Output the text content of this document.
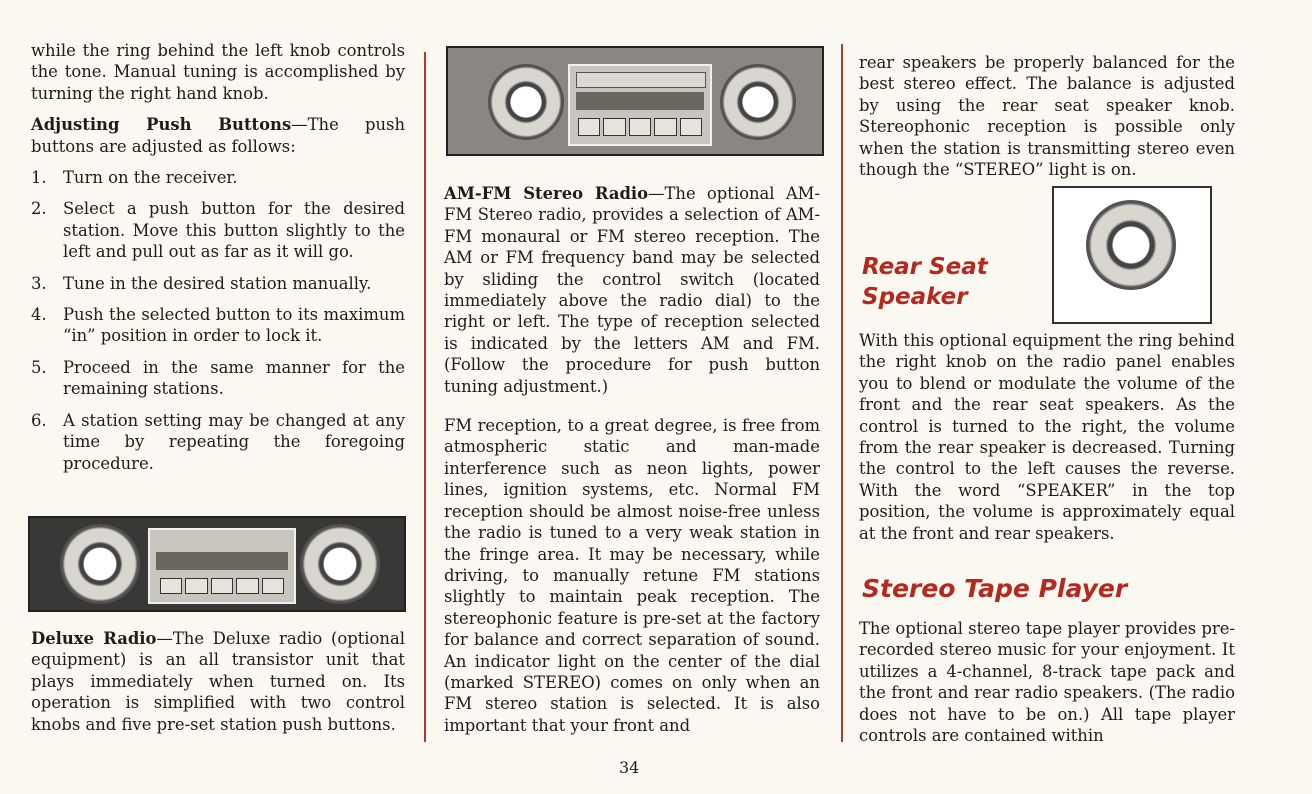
while the ring behind the left knob controls the tone. Manual tuning is accomplished by turning the right hand knob.

Adjusting Push Buttons—The push buttons are adjusted as follows:

1. Turn on the receiver.
2. Select a push button for the desired station. Move this button slightly to the left and pull out as far as it will go.
3. Tune in the desired station manually.
4. Push the selected button to its maximum “in” position in order to lock it.
5. Proceed in the same manner for the remaining stations.
6. A station setting may be changed at any time by repeating the foregoing procedure.

Deluxe Radio—The Deluxe radio (optional equipment) is an all transistor unit that plays immediately when turned on. Its operation is simplified with two control knobs and five pre-set station push buttons.

AM-FM Stereo Radio—The optional AM-FM Stereo radio, provides a selection of AM-FM monaural or FM stereo reception. The AM or FM frequency band may be selected by sliding the control switch (located immediately above the radio dial) to the right or left. The type of reception selected is indicated by the letters AM and FM. (Follow the procedure for push button tuning adjustment.)

FM reception, to a great degree, is free from atmospheric static and man-made interference such as neon lights, power lines, ignition systems, etc. Normal FM reception should be almost noise-free unless the radio is tuned to a very weak station in the fringe area. It may be necessary, while driving, to manually retune FM stations slightly to maintain peak reception. The stereophonic feature is pre-set at the factory for balance and correct separation of sound. An indicator light on the center of the dial (marked STEREO) comes on only when an FM stereo station is selected. It is also important that your front and

rear speakers be properly balanced for the best stereo effect. The balance is adjusted by using the rear seat speaker knob. Stereophonic reception is possible only when the station is transmitting stereo even though the “STEREO” light is on.

Rear Seat
Speaker

With this optional equipment the ring behind the right knob on the radio panel enables you to blend or modulate the volume of the front and the rear seat speakers. As the control is turned to the right, the volume from the rear speaker is decreased. Turning the control to the left causes the reverse. With the word “SPEAKER” in the top position, the volume is approximately equal at the front and rear speakers.

Stereo Tape Player

The optional stereo tape player provides pre-recorded stereo music for your enjoyment. It utilizes a 4-channel, 8-track tape pack and the front and rear radio speakers. (The radio does not have to be on.) All tape player controls are contained within

34
